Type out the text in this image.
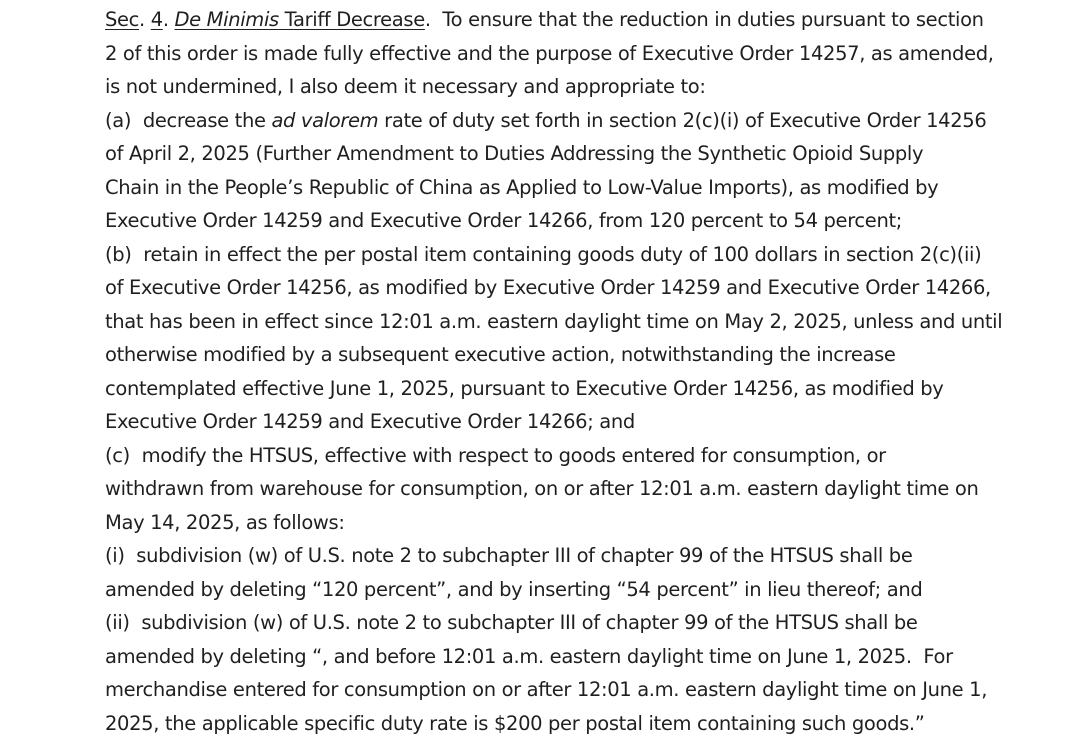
Sec. 4. De Minimis Tariff Decrease.  To ensure that the reduction in duties pursuant to section
2 of this order is made fully effective and the purpose of Executive Order 14257, as amended,
is not undermined, I also deem it necessary and appropriate to:
(a)  decrease the ad valorem rate of duty set forth in section 2(c)(i) of Executive Order 14256
of April 2, 2025 (Further Amendment to Duties Addressing the Synthetic Opioid Supply
Chain in the People’s Republic of China as Applied to Low-Value Imports), as modified by
Executive Order 14259 and Executive Order 14266, from 120 percent to 54 percent;
(b)  retain in effect the per postal item containing goods duty of 100 dollars in section 2(c)(ii)
of Executive Order 14256, as modified by Executive Order 14259 and Executive Order 14266,
that has been in effect since 12:01 a.m. eastern daylight time on May 2, 2025, unless and until
otherwise modified by a subsequent executive action, notwithstanding the increase
contemplated effective June 1, 2025, pursuant to Executive Order 14256, as modified by
Executive Order 14259 and Executive Order 14266; and
(c)  modify the HTSUS, effective with respect to goods entered for consumption, or
withdrawn from warehouse for consumption, on or after 12:01 a.m. eastern daylight time on
May 14, 2025, as follows:
(i)  subdivision (w) of U.S. note 2 to subchapter III of chapter 99 of the HTSUS shall be
amended by deleting “120 percent”, and by inserting “54 percent” in lieu thereof; and
(ii)  subdivision (w) of U.S. note 2 to subchapter III of chapter 99 of the HTSUS shall be
amended by deleting “, and before 12:01 a.m. eastern daylight time on June 1, 2025.  For
merchandise entered for consumption on or after 12:01 a.m. eastern daylight time on June 1,
2025, the applicable specific duty rate is $200 per postal item containing such goods.”
